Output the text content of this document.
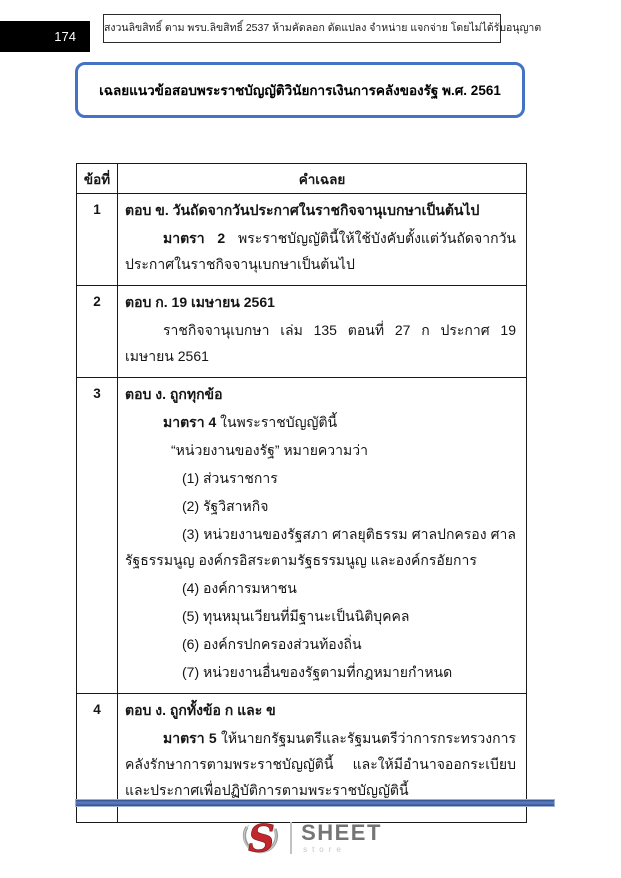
174
สงวนลิขสิทธิ์ ตาม พรบ.ลิขสิทธิ์ 2537 ห้ามคัดลอก ดัดแปลง จำหน่าย แจกจ่าย โดยไม่ได้รับอนุญาต
เฉลยแนวข้อสอบพระราชบัญญัติวินัยการเงินการคลังของรัฐ พ.ศ. 2561
ข้อที่	คำเฉลย
1	ตอบ ข. วันถัดจากวันประกาศในราชกิจจานุเบกษาเป็นต้นไป

มาตรา 2 พระราชบัญญัตินี้ให้ใช้บังคับตั้งแต่วันถัดจากวันประกาศในราชกิจจานุเบกษาเป็นต้นไป

2	ตอบ ก. 19 เมษายน 2561

ราชกิจจานุเบกษา เล่ม 135 ตอนที่ 27 ก ประกาศ 19 เมษายน 2561

3	ตอบ ง. ถูกทุกข้อ

มาตรา 4 ในพระราชบัญญัตินี้

“หน่วยงานของรัฐ” หมายความว่า

(1) ส่วนราชการ

(2) รัฐวิสาหกิจ

(3) หน่วยงานของรัฐสภา ศาลยุติธรรม ศาลปกครอง ศาลรัฐธรรมนูญ องค์กรอิสระตามรัฐธรรมนูญ และองค์กรอัยการ

(4) องค์การมหาชน

(5) ทุนหมุนเวียนที่มีฐานะเป็นนิติบุคคล

(6) องค์กรปกครองส่วนท้องถิ่น

(7) หน่วยงานอื่นของรัฐตามที่กฎหมายกำหนด

4	ตอบ ง. ถูกทั้งข้อ ก และ ข

มาตรา 5 ให้นายกรัฐมนตรีและรัฐมนตรีว่าการกระทรวงการคลังรักษาการตามพระราชบัญญัตินี้ และให้มีอำนาจออกระเบียบและประกาศเพื่อปฏิบัติการตามพระราชบัญญัตินี้

S SHEET
store
